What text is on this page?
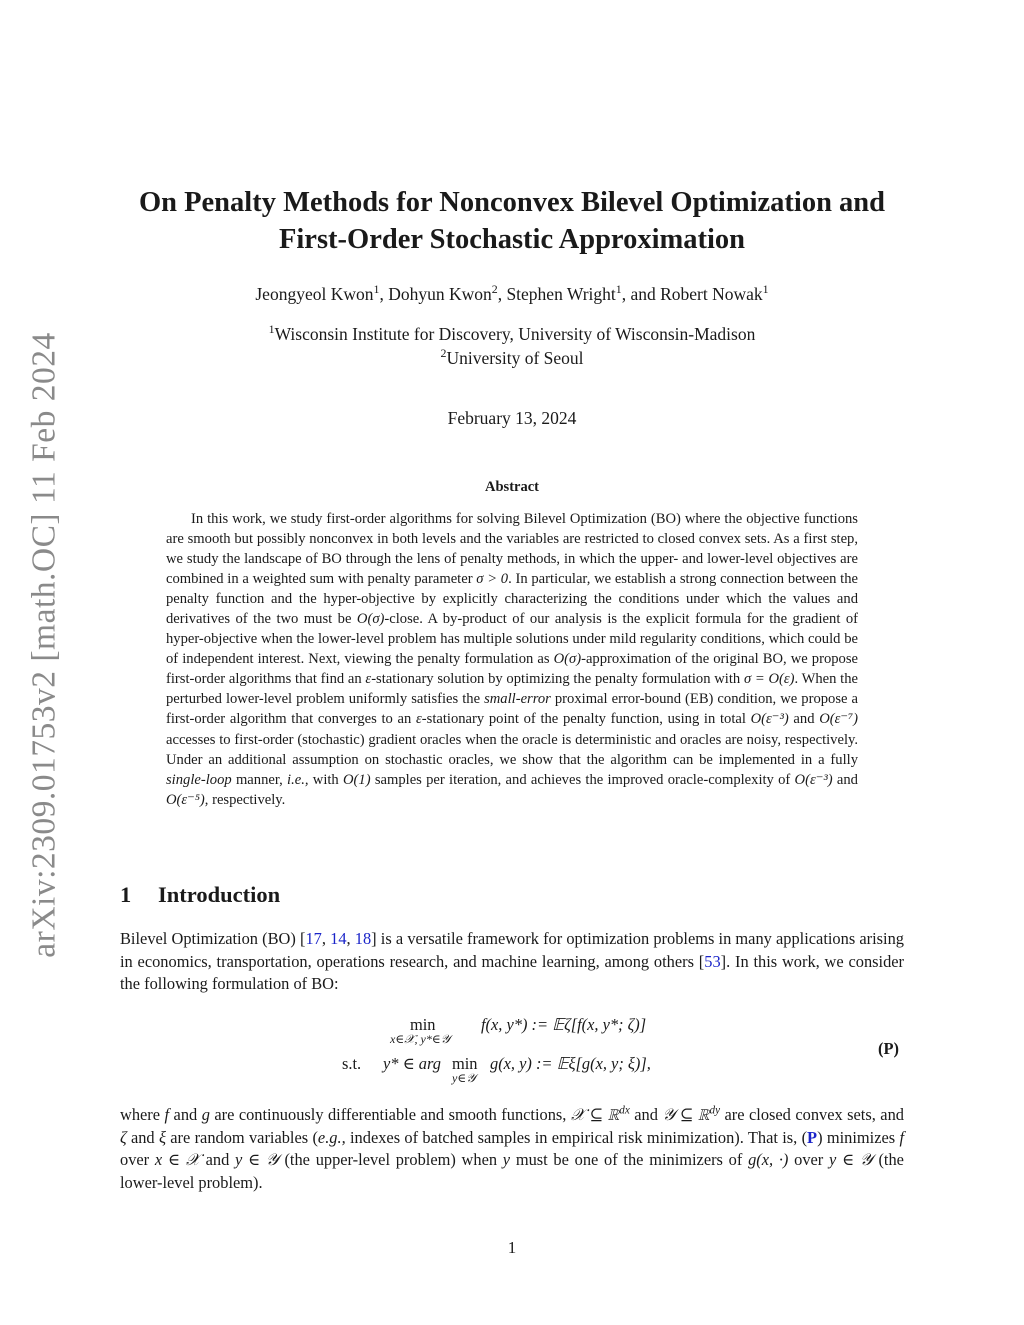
arXiv:2309.01753v2 [math.OC] 11 Feb 2024
On Penalty Methods for Nonconvex Bilevel Optimization and
First-Order Stochastic Approximation
Jeongyeol Kwon$^1$, Dohyun Kwon$^2$, Stephen Wright$^1$, and Robert Nowak$^1$
$^1$Wisconsin Institute for Discovery, University of Wisconsin-Madison
$^2$University of Seoul
February 13, 2024
Abstract

In this work, we study first-order algorithms for solving Bilevel Optimization (BO) where the objective functions are smooth but possibly nonconvex in both levels and the variables are restricted to closed convex sets. As a first step, we study the landscape of BO through the lens of penalty methods, in which the upper- and lower-level objectives are combined in a weighted sum with penalty parameter σ > 0. In particular, we establish a strong connection between the penalty function and the hyper-objective by explicitly characterizing the conditions under which the values and derivatives of the two must be O(σ)-close. A by-product of our analysis is the explicit formula for the gradient of hyper-objective when the lower-level problem has multiple solutions under mild regularity conditions, which could be of independent interest. Next, viewing the penalty formulation as O(σ)-approximation of the original BO, we propose first-order algorithms that find an ε-stationary solution by optimizing the penalty formulation with σ = O(ε). When the perturbed lower-level problem uniformly satisfies the small-error proximal error-bound (EB) condition, we propose a first-order algorithm that converges to an ε-stationary point of the penalty function, using in total O(ε⁻³) and O(ε⁻⁷) accesses to first-order (stochastic) gradient oracles when the oracle is deterministic and oracles are noisy, respectively. Under an additional assumption on stochastic oracles, we show that the algorithm can be implemented in a fully single-loop manner, i.e., with O(1) samples per iteration, and achieves the improved oracle-complexity of O(ε⁻³) and O(ε⁻⁵), respectively.

1 Introduction

Bilevel Optimization (BO) [17, 14, 18] is a versatile framework for optimization problems in many applications arising in economics, transportation, operations research, and machine learning, among others [53]. In this work, we consider the following formulation of BO:

min
x∈𝒳, y*∈𝒴
f(x, y*) := 𝔼ζ[f(x, y*; ζ)]
s.t. y* ∈ arg min
y∈𝒴
g(x, y) := 𝔼ξ[g(x, y; ξ)],
(P)

where f and g are continuously differentiable and smooth functions, 𝒳 ⊆ ℝ$^{dx}$ and 𝒴 ⊆ ℝ$^{dy}$ are closed convex sets, and ζ and ξ are random variables (e.g., indexes of batched samples in empirical risk minimization). That is, (P) minimizes f over x ∈ 𝒳 and y ∈ 𝒴 (the upper-level problem) when y must be one of the minimizers of g(x, ·) over y ∈ 𝒴 (the lower-level problem).

1
